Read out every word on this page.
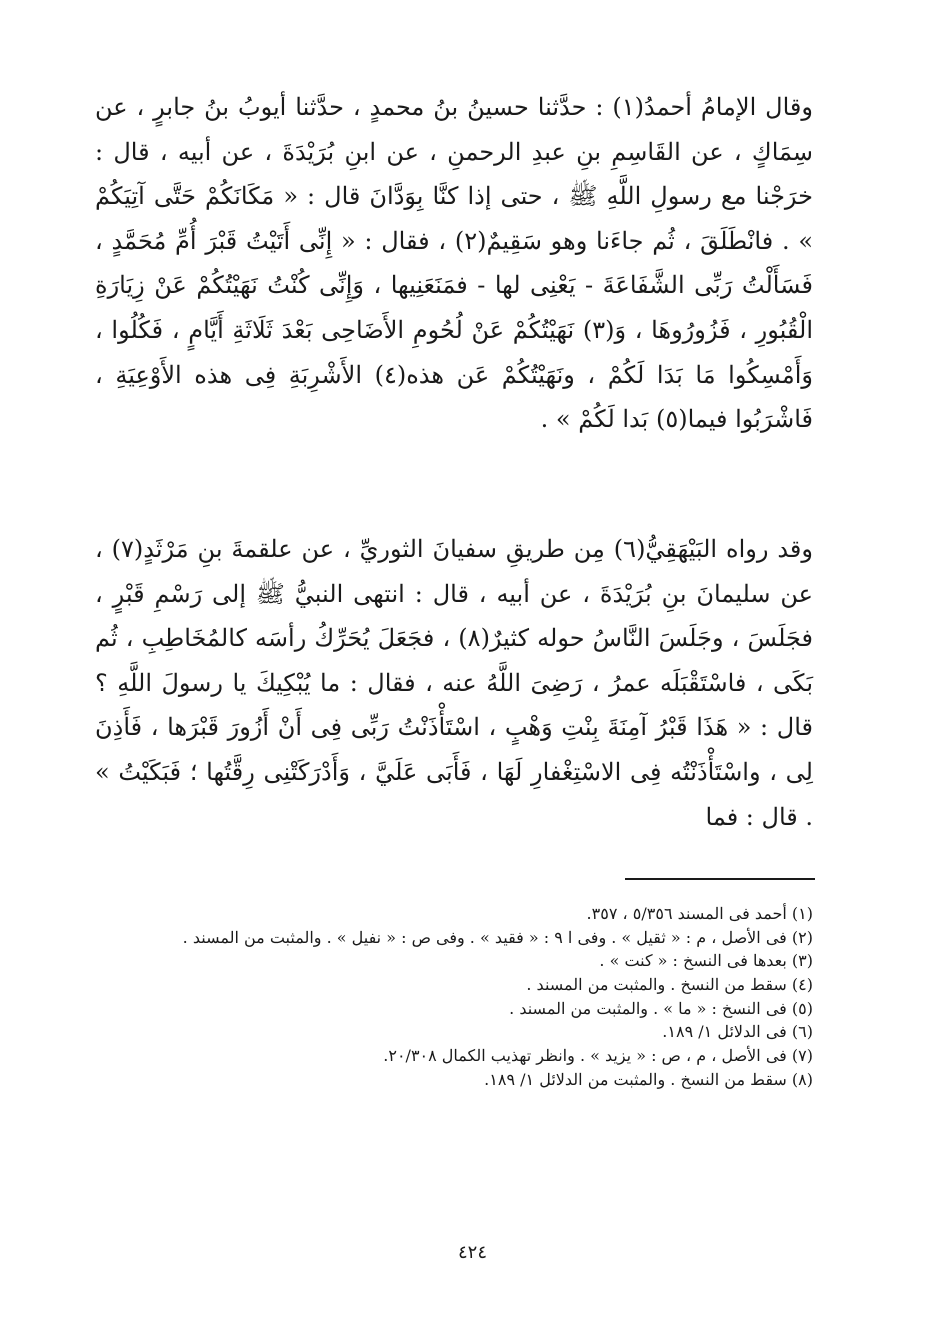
وقال الإمامُ أحمدُ(١) : حدَّثنا حسينُ بنُ محمدٍ ، حدَّثنا أيوبُ بنُ جابرٍ ، عن سِمَاكٍ ، عن القَاسِمِ بنِ عبدِ الرحمنِ ، عن ابنِ بُرَيْدَةَ ، عن أبيه ، قال : خرَجْنا مع رسولِ اللَّهِ ﷺ ، حتى إذا كنَّا بِوَدَّانَ قال : « مَكَانَكُمْ حَتَّى آتِيَكُمْ » . فانْطَلَقَ ، ثُم جاءَنا وهو سَقِيمٌ(٢) ، فقال : « إِنِّى أَتَيْتُ قَبْرَ أُمِّ مُحَمَّدٍ ، فَسَأَلْتُ رَبِّى الشَّفَاعَةَ - يَعْنِى لها - فمَنَعَنِيها ، وَإِنِّى كُنْتُ نَهَيْتُكُمْ عَنْ زِيَارَةِ الْقُبُورِ ، فَزُورُوهَا ، وَ(٣) نَهَيْتُكُمْ عَنْ لُحُومِ الأَضَاحِى بَعْدَ ثَلَاثَةِ أَيَّامٍ ، فَكُلُوا ، وَأَمْسِكُوا مَا بَدَا لَكُمْ ، ونَهَيْتُكُمْ عَن هذه(٤) الأَشْرِبَةِ فِى هذه الأَوْعِيَةِ ، فَاشْرَبُوا فيما(٥) بَدا لَكُمْ » .

وقد رواه البَيْهَقِيُّ(٦) مِن طريقِ سفيانَ الثوريِّ ، عن علقمةَ بنِ مَرْثَدٍ(٧) ، عن سليمانَ بنِ بُرَيْدَةَ ، عن أبيه ، قال : انتهى النبيُّ ﷺ إلى رَسْمِ قَبْرٍ ، فجَلَسَ ، وجَلَسَ النَّاسُ حوله كثيرٌ(٨) ، فجَعَلَ يُحَرِّكُ رأسَه كالمُخَاطِبِ ، ثُم بَكَى ، فاسْتَقْبَلَه عمرُ ، رَضِىَ اللَّهُ عنه ، فقال : ما يُبْكِيكَ يا رسولَ اللَّهِ ؟ قال : « هَذَا قَبْرُ آمِنَةَ بِنْتِ وَهْبٍ ، اسْتَأْذَنْتُ رَبِّى فِى أَنْ أَزُورَ قَبْرَها ، فَأَذِنَ لِى ، واسْتَأْذَنْتُه فِى الاسْتِغْفارِ لَهَا ، فَأَبَى عَلَيَّ ، وَأَدْرَكَتْنِى رِقَّتُها ؛ فَبَكَيْتُ » . قال : فما

(١) أحمد فى المسند ٥/٣٥٦ ، ٣٥٧.
(٢) فى الأصل ، م : « ثقيل » . وفى ا ٩ : « فقيد » . وفى ص : « نفيل » . والمثبت من المسند .
(٣) بعدها فى النسخ : « كنت » .
(٤) سقط من النسخ . والمثبت من المسند .
(٥) فى النسخ : « ما » . والمثبت من المسند .
(٦) فى الدلائل ١/ ١٨٩.
(٧) فى الأصل ، م ، ص : « يزيد » . وانظر تهذيب الكمال ٢٠/٣٠٨.
(٨) سقط من النسخ . والمثبت من الدلائل ١/ ١٨٩.
٤٢٤
